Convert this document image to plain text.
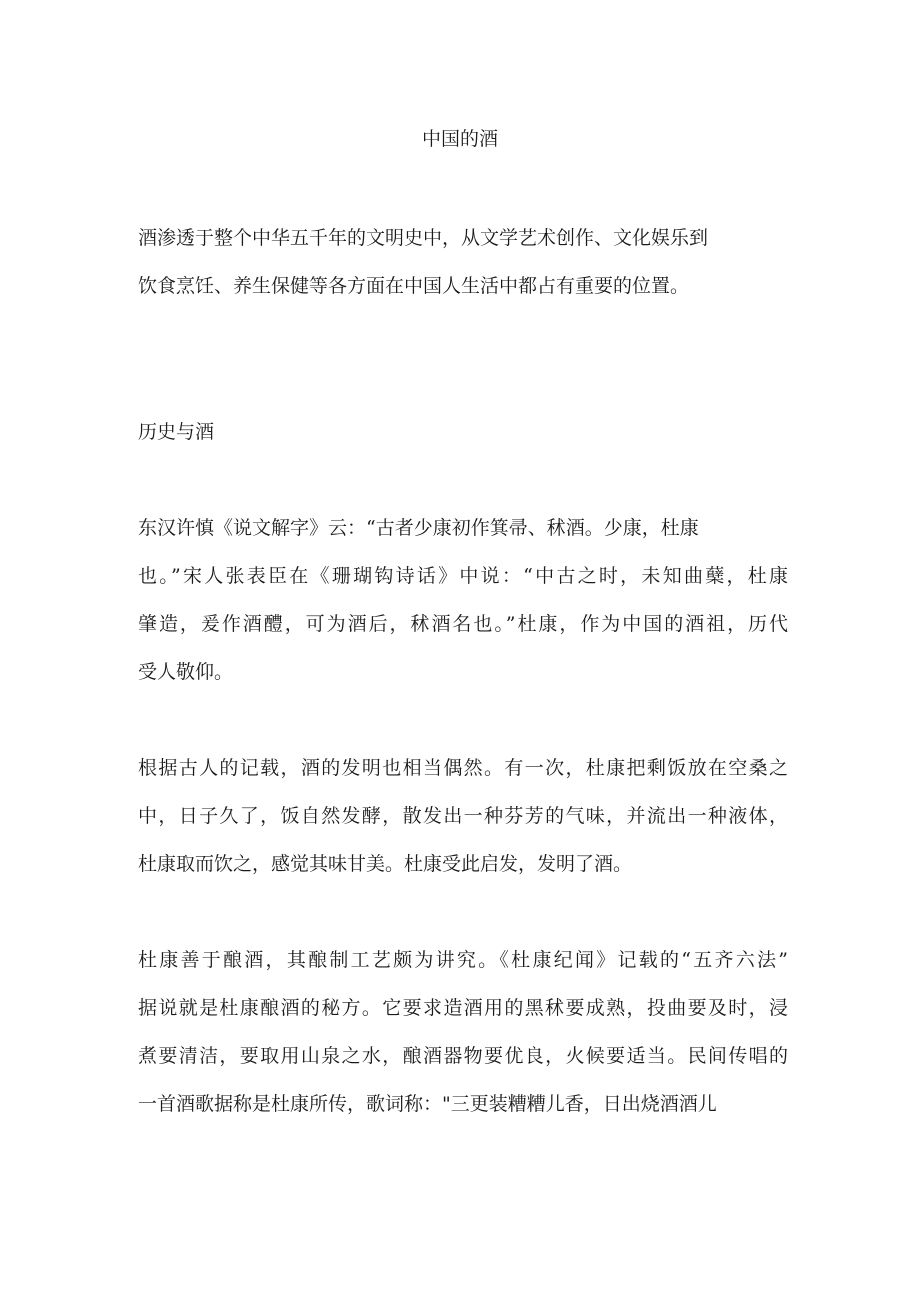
中国的酒
酒渗透于整个中华五千年的文明史中，从文学艺术创作、文化娱乐到
饮食烹饪、养生保健等各方面在中国人生活中都占有重要的位置。
历史与酒
东汉许慎《说文解字》云：“古者少康初作箕帚、秫酒。少康，杜康
也。”宋人张表臣在《珊瑚钩诗话》中说：“中古之时，未知曲蘖，杜康
肇造，爰作酒醴，可为酒后，秫酒名也。”杜康，作为中国的酒祖，历代
受人敬仰。
根据古人的记载，酒的发明也相当偶然。有一次，杜康把剩饭放在空桑之
中，日子久了，饭自然发酵，散发出一种芬芳的气味，并流出一种液体，
杜康取而饮之，感觉其味甘美。杜康受此启发，发明了酒。
杜康善于酿酒，其酿制工艺颇为讲究。《杜康纪闻》记载的“五齐六法”
据说就是杜康酿酒的秘方。它要求造酒用的黑秫要成熟，投曲要及时，浸
煮要清洁，要取用山泉之水，酿酒器物要优良，火候要适当。民间传唱的
一首酒歌据称是杜康所传，歌词称："三更装糟糟儿香，日出烧酒酒儿
